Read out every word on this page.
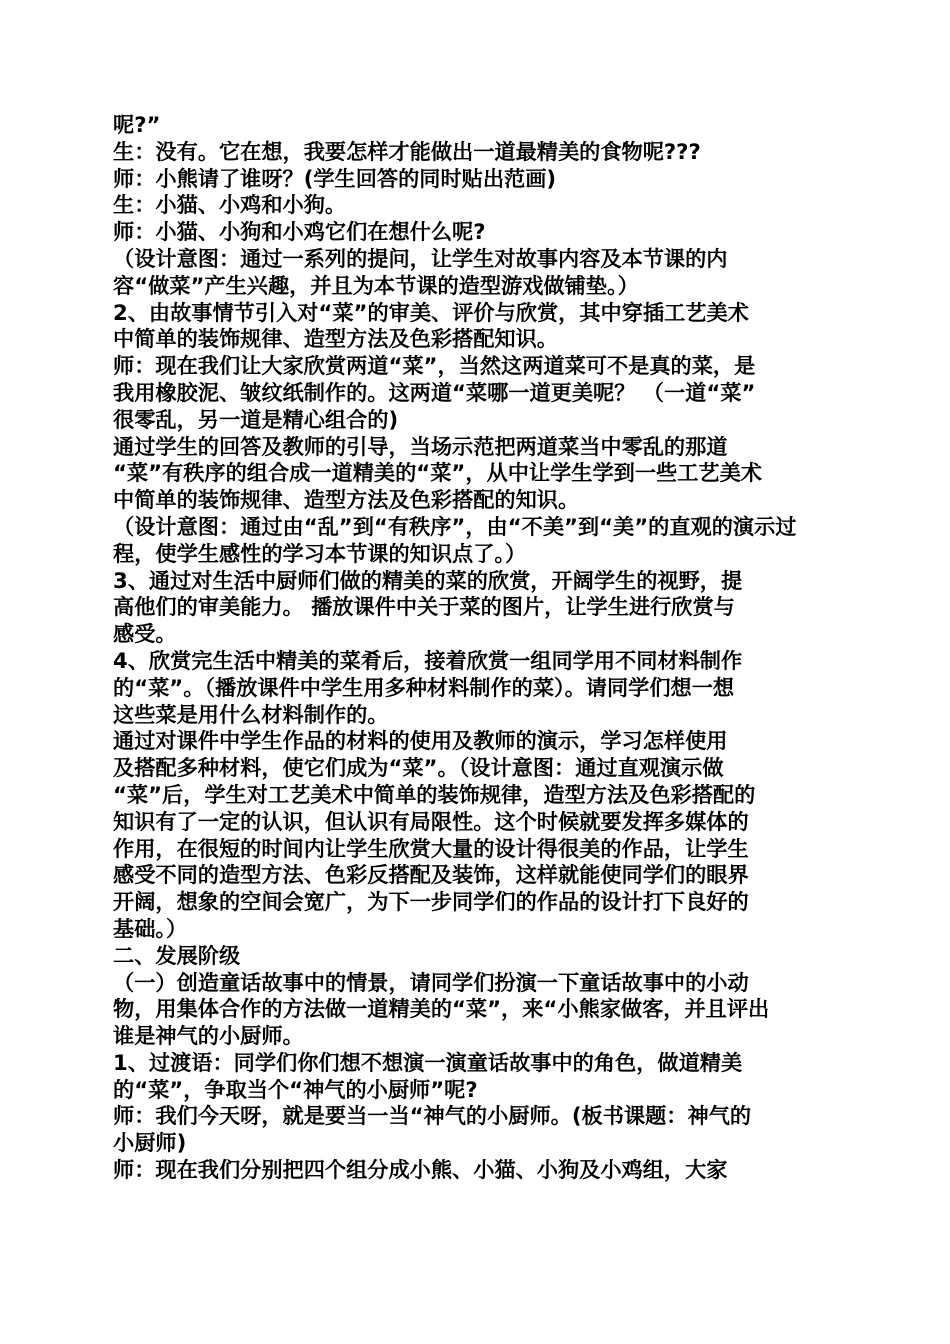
呢?”
生：没有。它在想，我要怎样才能做出一道最精美的食物呢???
师：小熊请了谁呀？(学生回答的同时贴出范画)
生：小猫、小鸡和小狗。
师：小猫、小狗和小鸡它们在想什么呢?
（设计意图：通过一系列的提问，让学生对故事内容及本节课的内
容“做菜”产生兴趣，并且为本节课的造型游戏做铺垫。）
2、由故事情节引入对“菜”的审美、评价与欣赏，其中穿插工艺美术
中简单的装饰规律、造型方法及色彩搭配知识。
师：现在我们让大家欣赏两道“菜”，当然这两道菜可不是真的菜，是
我用橡胶泥、皱纹纸制作的。这两道“菜哪一道更美呢？ （一道“菜”
很零乱，另一道是精心组合的)
通过学生的回答及教师的引导，当场示范把两道菜当中零乱的那道
“菜”有秩序的组合成一道精美的“菜”，从中让学生学到一些工艺美术
中简单的装饰规律、造型方法及色彩搭配的知识。
（设计意图：通过由“乱”到“有秩序”，由“不美”到“美”的直观的演示过
程，使学生感性的学习本节课的知识点了。）
3、通过对生活中厨师们做的精美的菜的欣赏，开阔学生的视野，提
高他们的审美能力。 播放课件中关于菜的图片，让学生进行欣赏与
感受。
4、欣赏完生活中精美的菜肴后，接着欣赏一组同学用不同材料制作
的“菜”。（播放课件中学生用多种材料制作的菜）。请同学们想一想
这些菜是用什么材料制作的。
通过对课件中学生作品的材料的使用及教师的演示，学习怎样使用
及搭配多种材料，使它们成为“菜”。（设计意图：通过直观演示做
“菜”后，学生对工艺美术中简单的装饰规律，造型方法及色彩搭配的
知识有了一定的认识，但认识有局限性。这个时候就要发挥多媒体的
作用，在很短的时间内让学生欣赏大量的设计得很美的作品，让学生
感受不同的造型方法、色彩反搭配及装饰，这样就能使同学们的眼界
开阔，想象的空间会宽广，为下一步同学们的作品的设计打下良好的
基础。）
二、发展阶级
（一）创造童话故事中的情景，请同学们扮演一下童话故事中的小动
物，用集体合作的方法做一道精美的“菜”，来“小熊家做客，并且评出
谁是神气的小厨师。
1、过渡语：同学们你们想不想演一演童话故事中的角色，做道精美
的“菜”，争取当个“神气的小厨师”呢?
师：我们今天呀，就是要当一当“神气的小厨师。(板书课题：神气的
小厨师)
师：现在我们分别把四个组分成小熊、小猫、小狗及小鸡组，大家
